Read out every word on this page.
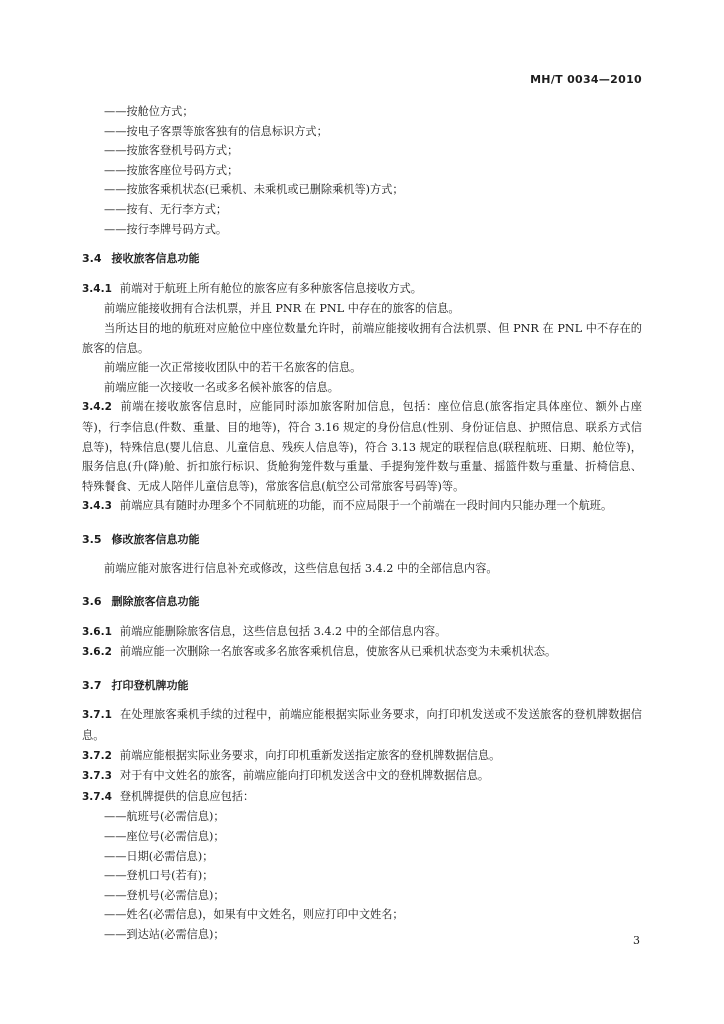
MH/T 0034—2010
——按舱位方式；
——按电子客票等旅客独有的信息标识方式；
——按旅客登机号码方式；
——按旅客座位号码方式；
——按旅客乘机状态(已乘机、未乘机或已删除乘机等)方式；
——按有、无行李方式；
——按行李牌号码方式。
3.4 接收旅客信息功能
3.4.1 前端对于航班上所有舱位的旅客应有多种旅客信息接收方式。
前端应能接收拥有合法机票，并且 PNR 在 PNL 中存在的旅客的信息。
当所达目的地的航班对应舱位中座位数量允许时，前端应能接收拥有合法机票、但 PNR 在 PNL 中不存在的旅客的信息。
前端应能一次正常接收团队中的若干名旅客的信息。
前端应能一次接收一名或多名候补旅客的信息。
3.4.2 前端在接收旅客信息时，应能同时添加旅客附加信息，包括：座位信息(旅客指定具体座位、额外占座等)，行李信息(件数、重量、目的地等)，符合 3.16 规定的身份信息(性别、身份证信息、护照信息、联系方式信息等)，特殊信息(婴儿信息、儿童信息、残疾人信息等)，符合 3.13 规定的联程信息(联程航班、日期、舱位等)，服务信息(升(降)舱、折扣旅行标识、货舱狗笼件数与重量、手提狗笼件数与重量、摇篮件数与重量、折椅信息、特殊餐食、无成人陪伴儿童信息等)，常旅客信息(航空公司常旅客号码等)等。
3.4.3 前端应具有随时办理多个不同航班的功能，而不应局限于一个前端在一段时间内只能办理一个航班。
3.5 修改旅客信息功能
前端应能对旅客进行信息补充或修改，这些信息包括 3.4.2 中的全部信息内容。
3.6 删除旅客信息功能
3.6.1 前端应能删除旅客信息，这些信息包括 3.4.2 中的全部信息内容。
3.6.2 前端应能一次删除一名旅客或多名旅客乘机信息，使旅客从已乘机状态变为未乘机状态。
3.7 打印登机牌功能
3.7.1 在处理旅客乘机手续的过程中，前端应能根据实际业务要求，向打印机发送或不发送旅客的登机牌数据信息。
3.7.2 前端应能根据实际业务要求，向打印机重新发送指定旅客的登机牌数据信息。
3.7.3 对于有中文姓名的旅客，前端应能向打印机发送含中文的登机牌数据信息。
3.7.4 登机牌提供的信息应包括：
——航班号(必需信息)；
——座位号(必需信息)；
——日期(必需信息)；
——登机口号(若有)；
——登机号(必需信息)；
——姓名(必需信息)，如果有中文姓名，则应打印中文姓名；
——到达站(必需信息)；	3
